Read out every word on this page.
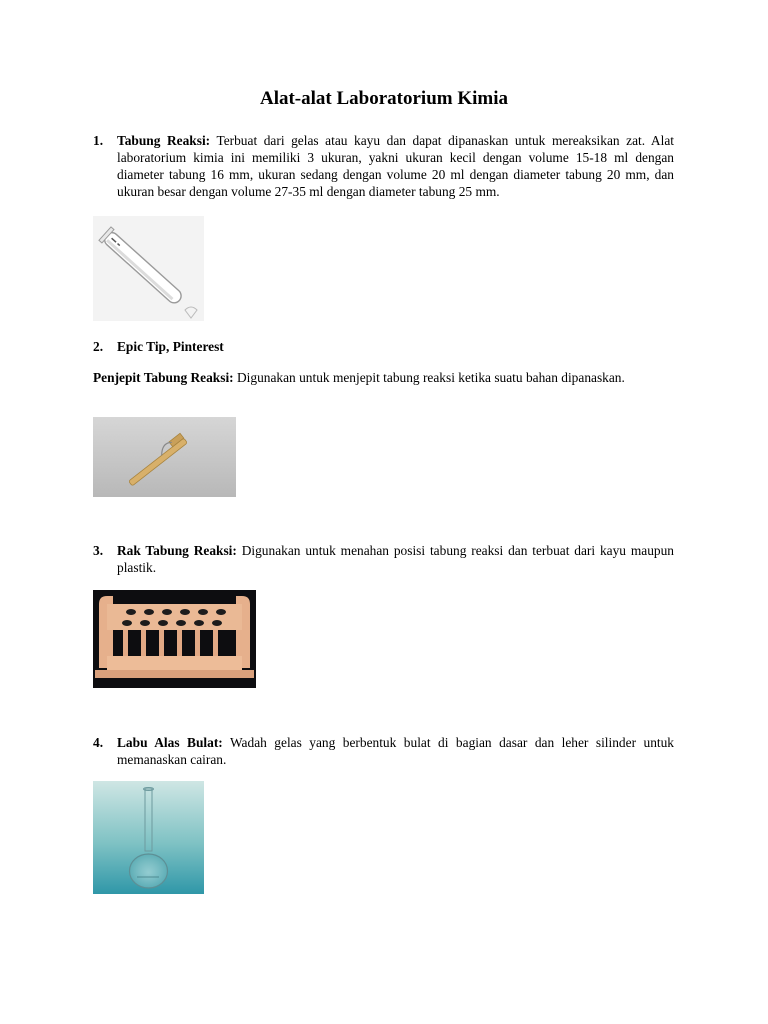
Alat-alat Laboratorium Kimia
1. Tabung Reaksi: Terbuat dari gelas atau kayu dan dapat dipanaskan untuk mereaksikan zat. Alat laboratorium kimia ini memiliki 3 ukuran, yakni ukuran kecil dengan volume 15-18 ml dengan diameter tabung 16 mm, ukuran sedang dengan volume 20 ml dengan diameter tabung 20 mm, dan ukuran besar dengan volume 27-35 ml dengan diameter tabung 25 mm.
2. Epic Tip, Pinterest
Penjepit Tabung Reaksi: Digunakan untuk menjepit tabung reaksi ketika suatu bahan dipanaskan.
3. Rak Tabung Reaksi: Digunakan untuk menahan posisi tabung reaksi dan terbuat dari kayu maupun plastik.
4. Labu Alas Bulat: Wadah gelas yang berbentuk bulat di bagian dasar dan leher silinder untuk memanaskan cairan.
